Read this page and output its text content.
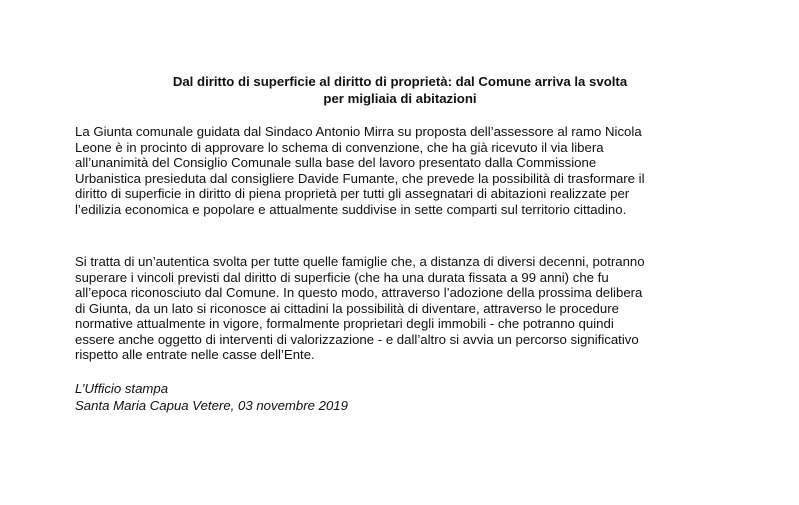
Dal diritto di superficie al diritto di proprietà: dal Comune arriva la svolta
per migliaia di abitazioni
La Giunta comunale guidata dal Sindaco Antonio Mirra su proposta dell’assessore al ramo Nicola
Leone è in procinto di approvare lo schema di convenzione, che ha già ricevuto il via libera
all’unanimità del Consiglio Comunale sulla base del lavoro presentato dalla Commissione
Urbanistica presieduta dal consigliere Davide Fumante, che prevede la possibilità di trasformare il
diritto di superficie in diritto di piena proprietà per tutti gli assegnatari di abitazioni realizzate per
l’edilizia economica e popolare e attualmente suddivise in sette comparti sul territorio cittadino.
Si tratta di un’autentica svolta per tutte quelle famiglie che, a distanza di diversi decenni, potranno
superare i vincoli previsti dal diritto di superficie (che ha una durata fissata a 99 anni) che fu
all’epoca riconosciuto dal Comune. In questo modo, attraverso l’adozione della prossima delibera
di Giunta, da un lato si riconosce ai cittadini la possibilità di diventare, attraverso le procedure
normative attualmente in vigore, formalmente proprietari degli immobili - che potranno quindi
essere anche oggetto di interventi di valorizzazione - e dall’altro si avvia un percorso significativo
rispetto alle entrate nelle casse dell’Ente.
L’Ufficio stampa
Santa Maria Capua Vetere, 03 novembre 2019
